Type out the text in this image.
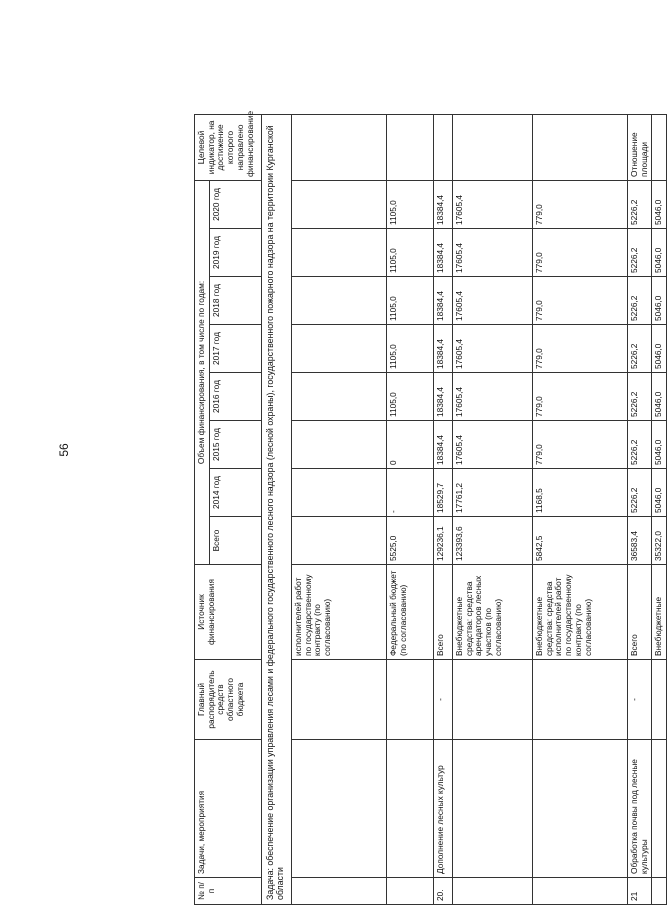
56
№ п/п	Задачи, мероприятия	Главный распорядитель средств областного бюджета	Источник финансирования	Объем финансирования, в том числе по годам:								Целевой индикатор, на достижение которого направлено финансирование
				Всего	2014 год	2015 год	2016 год	2017 год	2018 год	2019 год	2020 год	
Задача: обеспечение организации управления лесами и федерального государственного лесного надзора (лесной охраны), государственного пожарного надзора на территории Курганской области												
			исполнителей работ по государственному контракту (по согласованию)									
			Федеральный бюджет (по согласованию)	5525,0	-	0	1105,0	1105,0	1105,0	1105,0	1105,0	
20.	Дополнение лесных культур	-	Всего	129236,1	18529,7	18384,4	18384,4	18384,4	18384,4	18384,4	18384,4	
			Внебюджетные средства: средства арендаторов лесных участков (по согласованию)	123393,6	17761,2	17605,4	17605,4	17605,4	17605,4	17605,4	17605,4	
			Внебюджетные средства: средства исполнителей работ по государственному контракту (по согласованию)	5842,5	1168,5	779,0	779,0	779,0	779,0	779,0	779,0	
21	Обработка почвы под лесные культуры	-	Всего	36583,4	5226,2	5226,2	5226,2	5226,2	5226,2	5226,2	5226,2	Отношение площади
			Внебюджетные	35322,0	5046,0	5046,0	5046,0	5046,0	5046,0	5046,0	5046,0	
